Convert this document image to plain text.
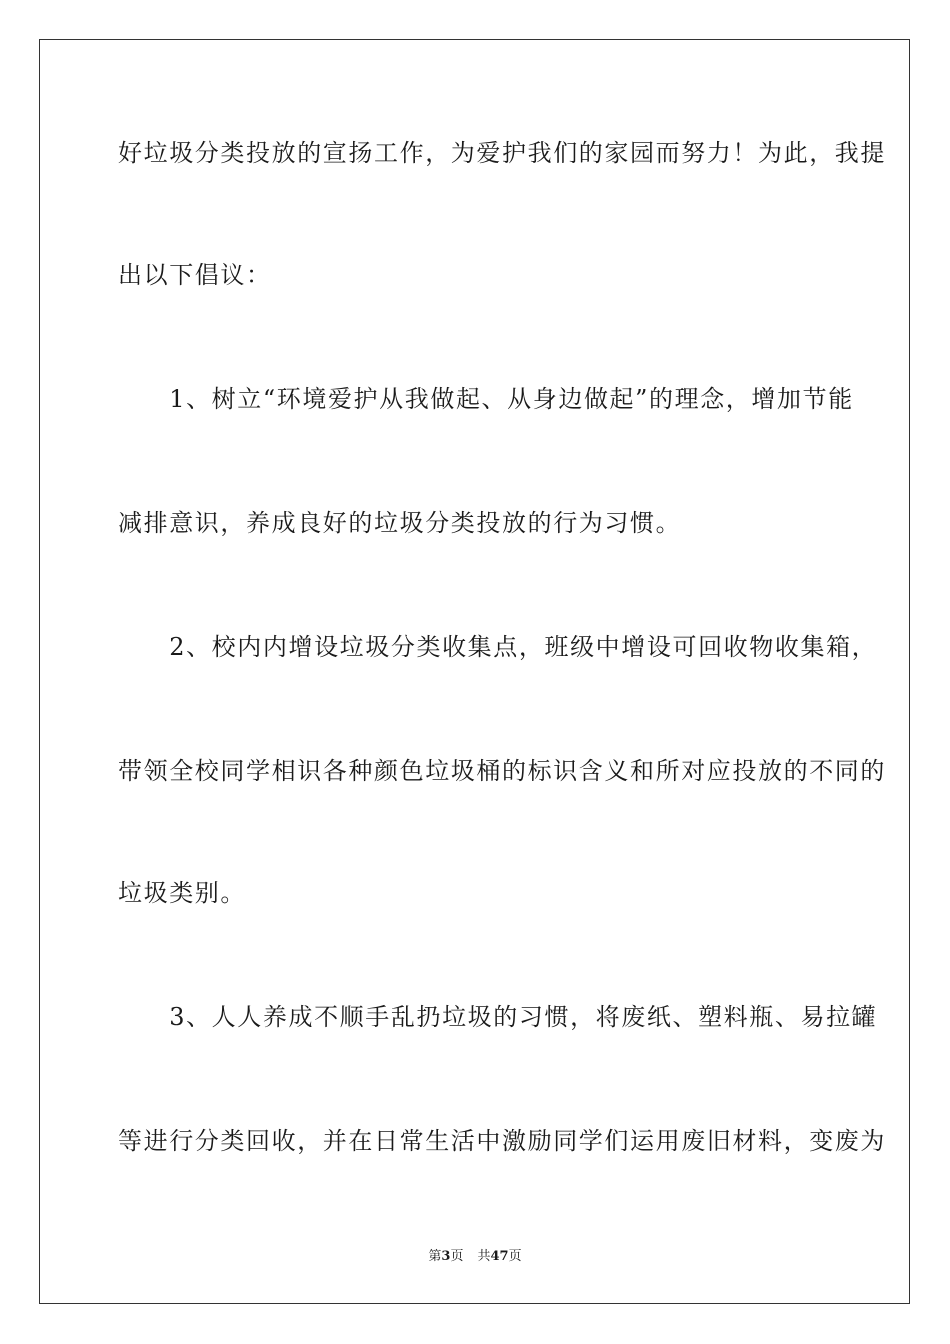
好垃圾分类投放的宣扬工作，为爱护我们的家园而努力！为此，我提
出以下倡议：
　　1、树立“环境爱护从我做起、从身边做起”的理念，增加节能
减排意识，养成良好的垃圾分类投放的行为习惯。
　　2、校内内增设垃圾分类收集点，班级中增设可回收物收集箱，
带领全校同学相识各种颜色垃圾桶的标识含义和所对应投放的不同的
垃圾类别。
　　3、人人养成不顺手乱扔垃圾的习惯，将废纸、塑料瓶、易拉罐
等进行分类回收，并在日常生活中激励同学们运用废旧材料，变废为
第3页 共47页
